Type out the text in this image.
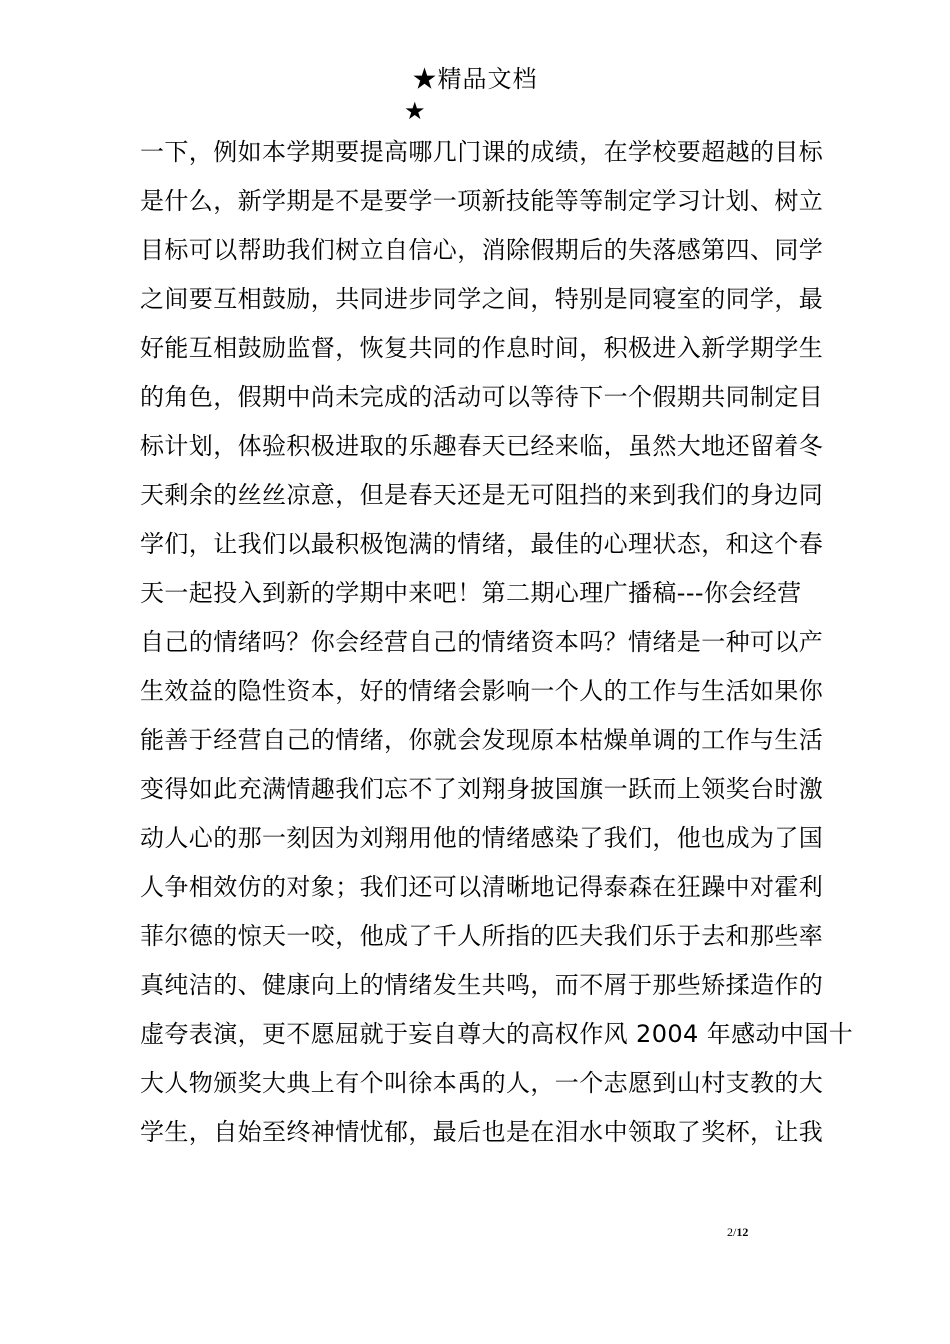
★精品文档
★
一下，例如本学期要提高哪几门课的成绩，在学校要超越的目标
是什么，新学期是不是要学一项新技能等等制定学习计划、树立
目标可以帮助我们树立自信心，消除假期后的失落感第四、同学
之间要互相鼓励，共同进步同学之间，特别是同寝室的同学，最
好能互相鼓励监督，恢复共同的作息时间，积极进入新学期学生
的角色，假期中尚未完成的活动可以等待下一个假期共同制定目
标计划，体验积极进取的乐趣春天已经来临，虽然大地还留着冬
天剩余的丝丝凉意，但是春天还是无可阻挡的来到我们的身边同
学们，让我们以最积极饱满的情绪，最佳的心理状态，和这个春
天一起投入到新的学期中来吧！第二期心理广播稿---你会经营
自己的情绪吗？你会经营自己的情绪资本吗？情绪是一种可以产
生效益的隐性资本，好的情绪会影响一个人的工作与生活如果你
能善于经营自己的情绪，你就会发现原本枯燥单调的工作与生活
变得如此充满情趣我们忘不了刘翔身披国旗一跃而上领奖台时激
动人心的那一刻因为刘翔用他的情绪感染了我们，他也成为了国
人争相效仿的对象；我们还可以清晰地记得泰森在狂躁中对霍利
菲尔德的惊天一咬，他成了千人所指的匹夫我们乐于去和那些率
真纯洁的、健康向上的情绪发生共鸣，而不屑于那些矫揉造作的
虚夸表演，更不愿屈就于妄自尊大的高权作风 2004 年感动中国十
大人物颁奖大典上有个叫徐本禹的人，一个志愿到山村支教的大
学生，自始至终神情忧郁，最后也是在泪水中领取了奖杯，让我
2/12
